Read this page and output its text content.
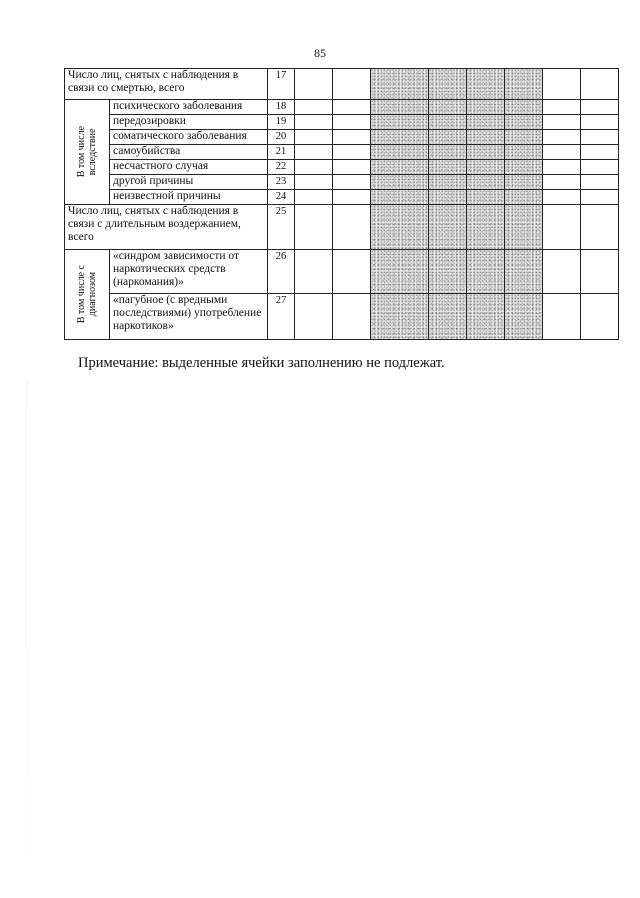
85
Число лиц, снятых с наблюдения в связи со смертью, всего		17								

В том числе
вследствие	психического заболевания	18								
	передозировки	19								
	соматического заболевания	20								
	самоубийства	21								
	несчастного случая	22								
	другой причины	23								
	неизвестной причины	24								
Число лиц, снятых с наблюдения в связи с длительным воздержанием, всего		25								

В том числе с
диагнозом	«синдром зависимости от наркотических средств (наркомания)»	26								
	«пагубное (с вредными последствиями) употребление наркотиков»	27								
Примечание: выделенные ячейки заполнению не подлежат.
